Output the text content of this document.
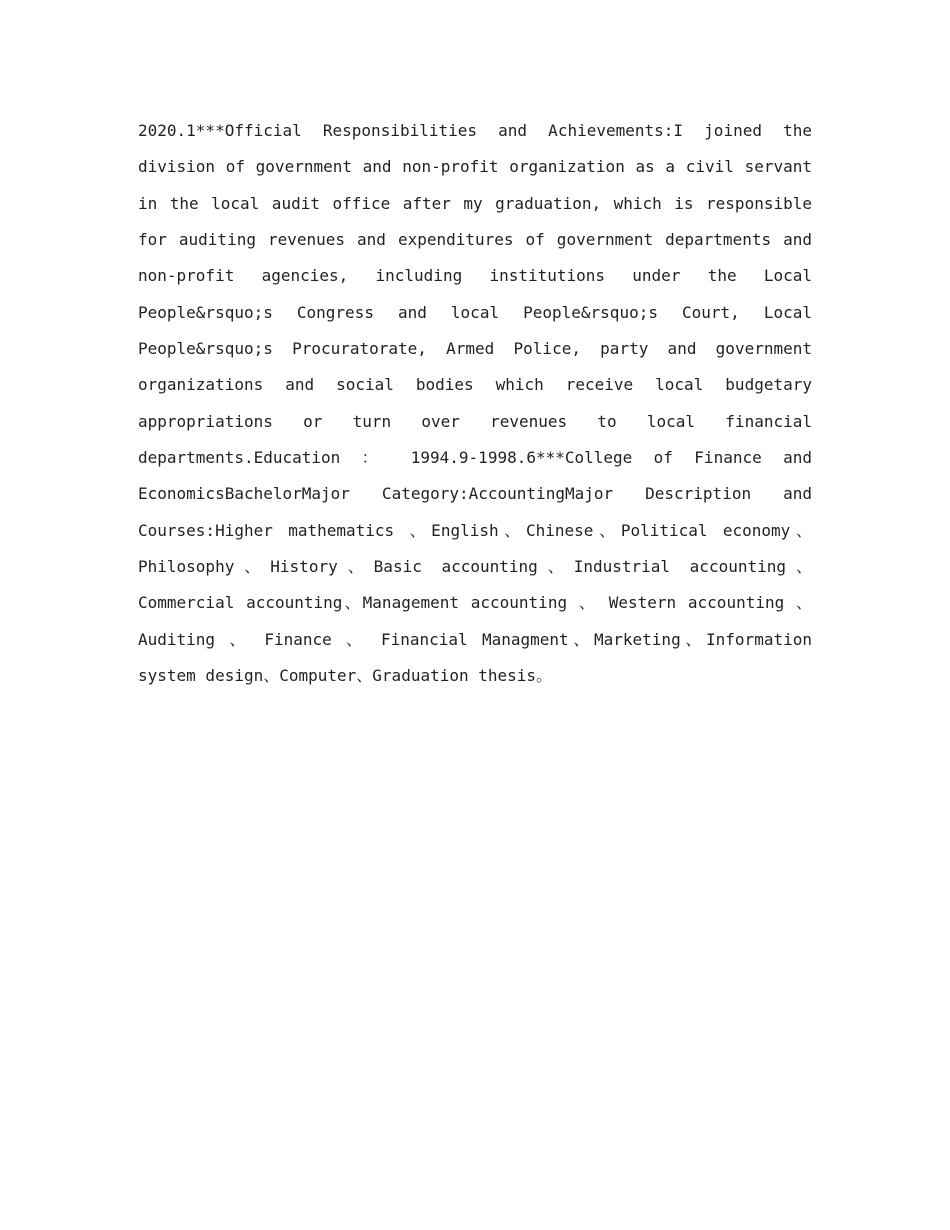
2020.1***Official Responsibilities and Achievements:I joined the division of government and non-profit organization as a civil servant in the local audit office after my graduation, which is responsible for auditing revenues and expenditures of government departments and non-profit agencies, including institutions under the Local People&rsquo;s Congress and local People&rsquo;s Court, Local People&rsquo;s Procuratorate, Armed Police, party and government organizations and social bodies which receive local budgetary appropriations or turn over revenues to local financial departments.Education ： 1994.9-1998.6***College of Finance and EconomicsBachelorMajor Category:AccountingMajor Description and Courses:Higher mathematics 、English、Chinese、Political economy、Philosophy、History、Basic accounting、Industrial accounting、Commercial accounting、Management accounting 、 Western accounting 、 Auditing 、 Finance 、 Financial Managment、Marketing、Information system design、Computer、Graduation thesis。
